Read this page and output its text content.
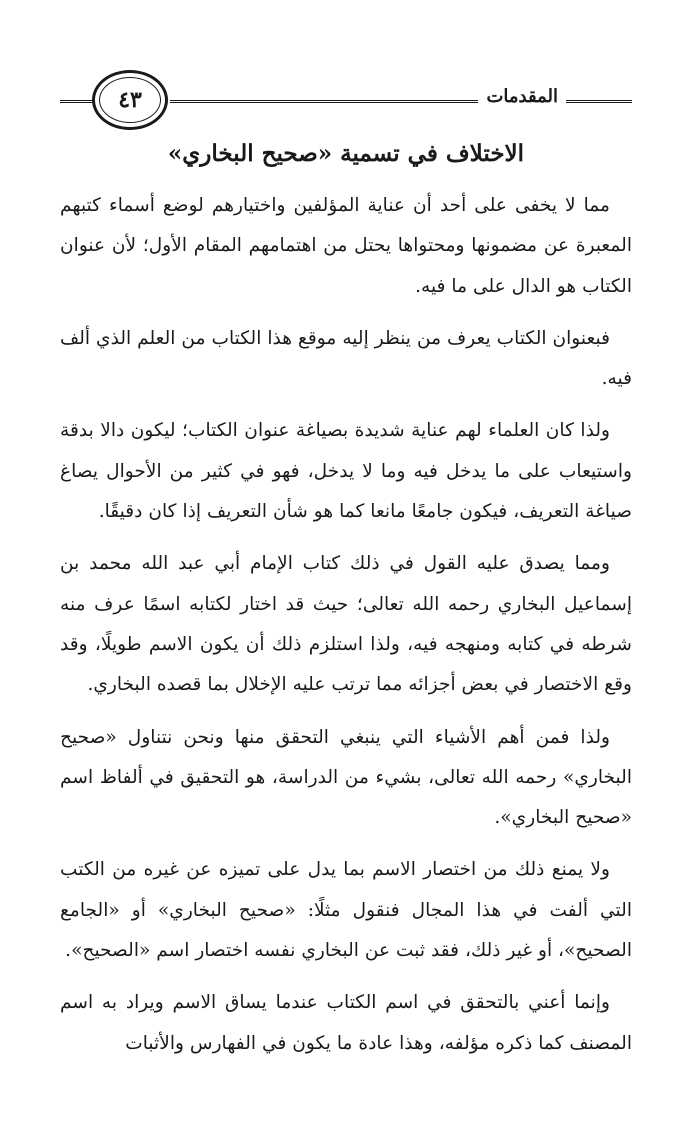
٤٣	المقدمات
الاختلاف في تسمية «صحيح البخاري»

مما لا يخفى على أحد أن عناية المؤلفين واختيارهم لوضع أسماء كتبهم المعبرة عن مضمونها ومحتواها يحتل من اهتمامهم المقام الأول؛ لأن عنوان الكتاب هو الدال على ما فيه.

فبعنوان الكتاب يعرف من ينظر إليه موقع هذا الكتاب من العلم الذي ألف فيه.

ولذا كان العلماء لهم عناية شديدة بصياغة عنوان الكتاب؛ ليكون دالا بدقة واستيعاب على ما يدخل فيه وما لا يدخل، فهو في كثير من الأحوال يصاغ صياغة التعريف، فيكون جامعًا مانعا كما هو شأن التعريف إذا كان دقيقًا.

ومما يصدق عليه القول في ذلك كتاب الإمام أبي عبد الله محمد بن إسماعيل البخاري رحمه الله تعالى؛ حيث قد اختار لكتابه اسمًا عرف منه شرطه في كتابه ومنهجه فيه، ولذا استلزم ذلك أن يكون الاسم طويلًا، وقد وقع الاختصار في بعض أجزائه مما ترتب عليه الإخلال بما قصده البخاري.

ولذا فمن أهم الأشياء التي ينبغي التحقق منها ونحن نتناول «صحيح البخاري» رحمه الله تعالى، بشيء من الدراسة، هو التحقيق في ألفاظ اسم «صحيح البخاري».

ولا يمنع ذلك من اختصار الاسم بما يدل على تميزه عن غيره من الكتب التي ألفت في هذا المجال فنقول مثلًا: «صحيح البخاري» أو «الجامع الصحيح»، أو غير ذلك، فقد ثبت عن البخاري نفسه اختصار اسم «الصحيح».

وإنما أعني بالتحقق في اسم الكتاب عندما يساق الاسم ويراد به اسم المصنف كما ذكره مؤلفه، وهذا عادة ما يكون في الفهارس والأثبات
